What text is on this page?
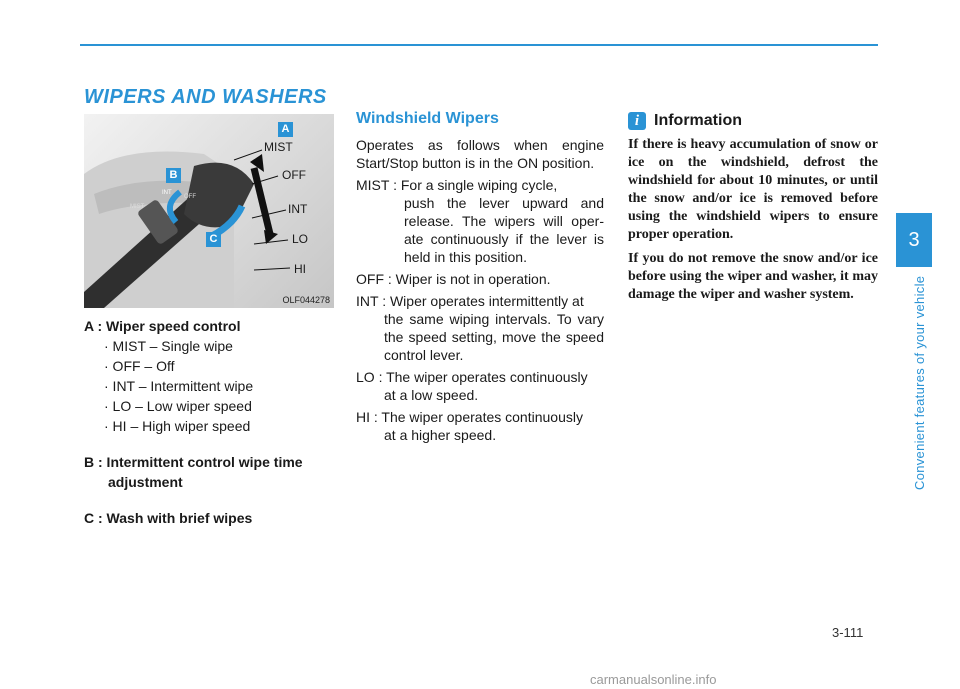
WIPERS AND WASHERS
INT
MIST
OFF
MIST
OFF
INT
LO
HI
A
B
C
OLF044278
A : Wiper speed control
· MIST – Single wipe
· OFF – Off
· INT – Intermittent wipe
· LO – Low wiper speed
· HI – High wiper speed
B : Intermittent control wipe time
adjustment
C : Wash with brief wipes
Windshield Wipers

Operates as follows when engine Start/Stop button is in the ON position.

MIST : For a single wiping cycle,
push the lever upward and release. The wipers will oper- ate continuously if the lever is held in this position.
OFF : Wiper is not in operation.
INT : Wiper operates intermittently at
the same wiping intervals. To vary the speed setting, move the speed control lever.
LO : The wiper operates continuously
at a low speed.
HI : The wiper operates continuously
at a higher speed.
i Information

If there is heavy accumulation of snow or ice on the windshield, defrost the windshield for about 10 minutes, or until the snow and/or ice is removed before using the windshield wipers to ensure proper operation.

If you do not remove the snow and/or ice before using the wiper and washer, it may damage the wiper and washer system.

3
Convenient features of your vehicle
3-111
carmanualsonline.info
